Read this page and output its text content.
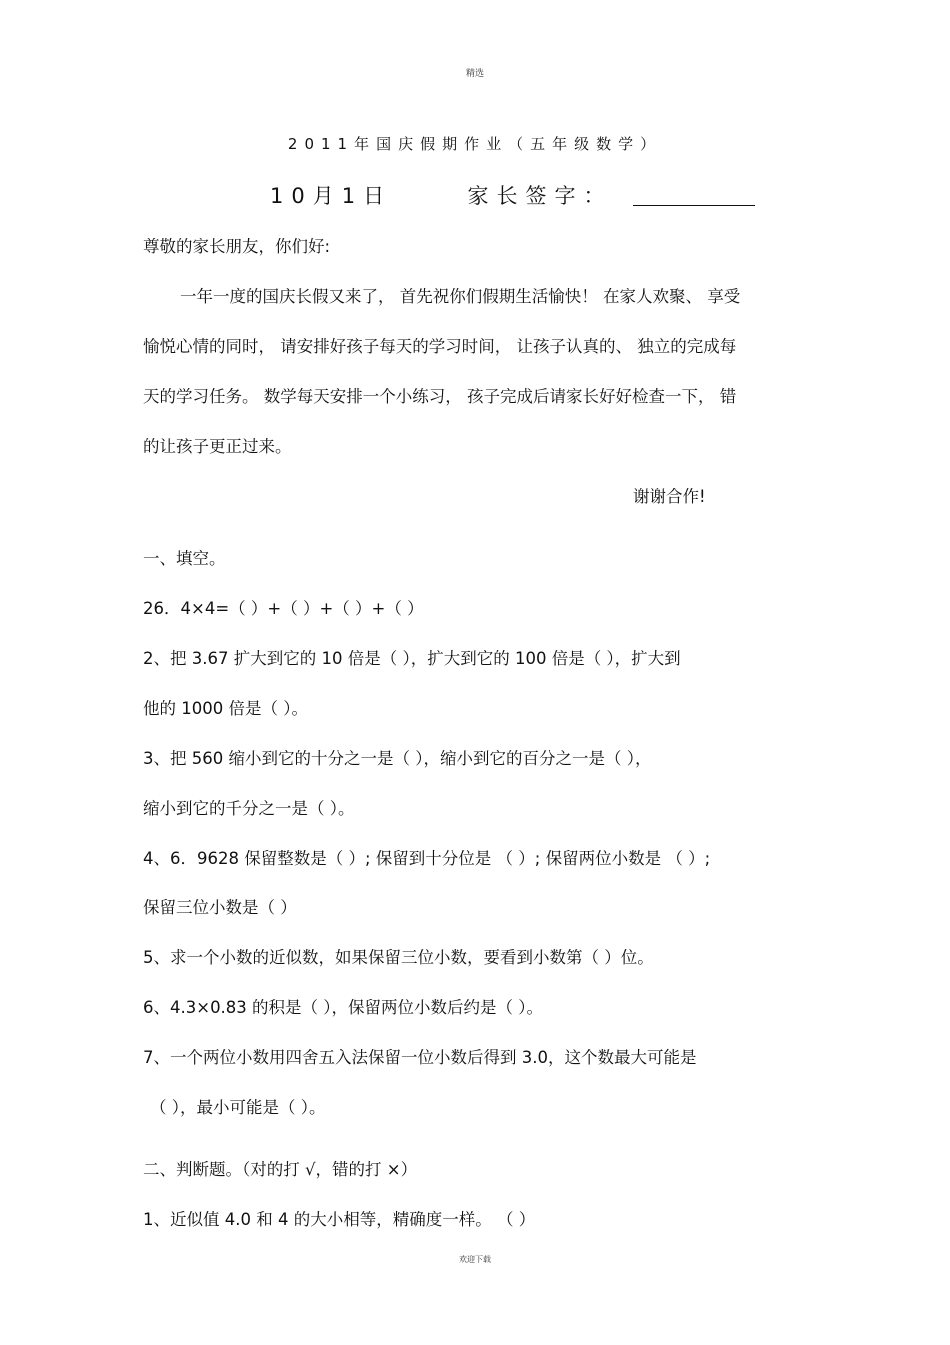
精选
2011年国庆假期作业（五年级数学）
10月1日	家长签字：
尊敬的家长朋友，你们好:
一年一度的国庆长假又来了， 首先祝你们假期生活愉快！ 在家人欢聚、 享受
愉悦心情的同时， 请安排好孩子每天的学习时间， 让孩子认真的、 独立的完成每
天的学习任务。 数学每天安排一个小练习， 孩子完成后请家长好好检查一下， 错
的让孩子更正过来。
谢谢合作!
一、填空。
26．4×4=（ ）+（ ）+（ ）+（ ）
2、把 3.67 扩大到它的 10 倍是（ ），扩大到它的 100 倍是（ ），扩大到
他的 1000 倍是（ ）。
3、把 560 缩小到它的十分之一是（ ），缩小到它的百分之一是（ ），
缩小到它的千分之一是（ ）。
4、6．9628 保留整数是（ ）; 保留到十分位是 （ ）; 保留两位小数是 （ ）;
保留三位小数是（ ）
5、求一个小数的近似数，如果保留三位小数，要看到小数第（ ）位。
6、4.3×0.83 的积是（ ），保留两位小数后约是（ ）。
7、一个两位小数用四舍五入法保留一位小数后得到 3.0，这个数最大可能是
（ ），最小可能是（ ）。
二、判断题。（对的打 √，错的打 ×）
1、近似值 4.0 和 4 的大小相等，精确度一样。 （ ）
欢迎下载
